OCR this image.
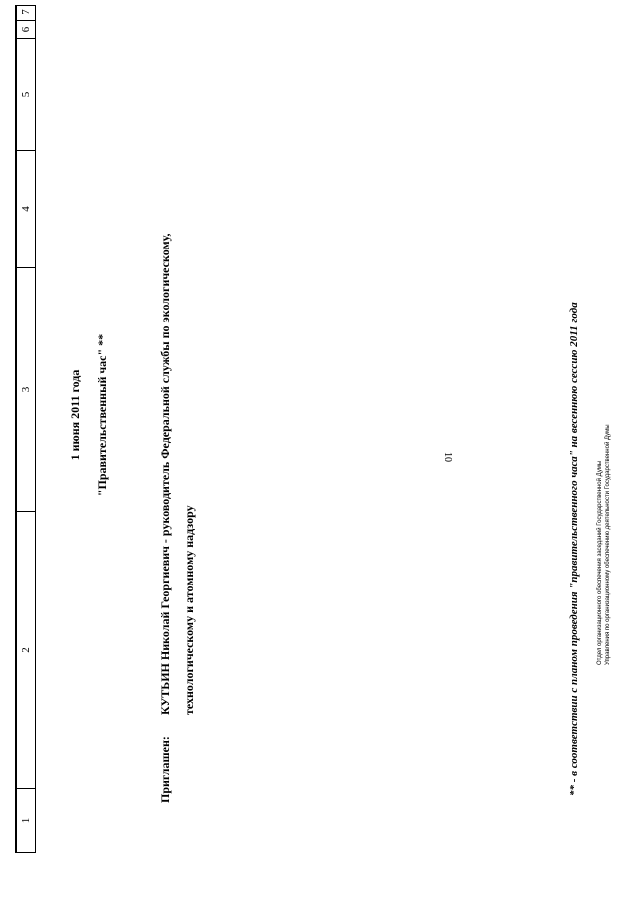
10
1
2
3
4
5
6
7
1 июня 2011 года "Правительственный час" **
Приглашен:
КУТЬИН Николай Георгиевич - руководитель Федеральной службы по экологическому, технологическому и атомному надзору	** - в соответствии с планом проведения "правительственного часа" на весеннюю сессию 2011 года	Отдел организационного обеспечения заседаний Государственной Думы Управления по организационному обеспечению деятельности Государственной Думы
